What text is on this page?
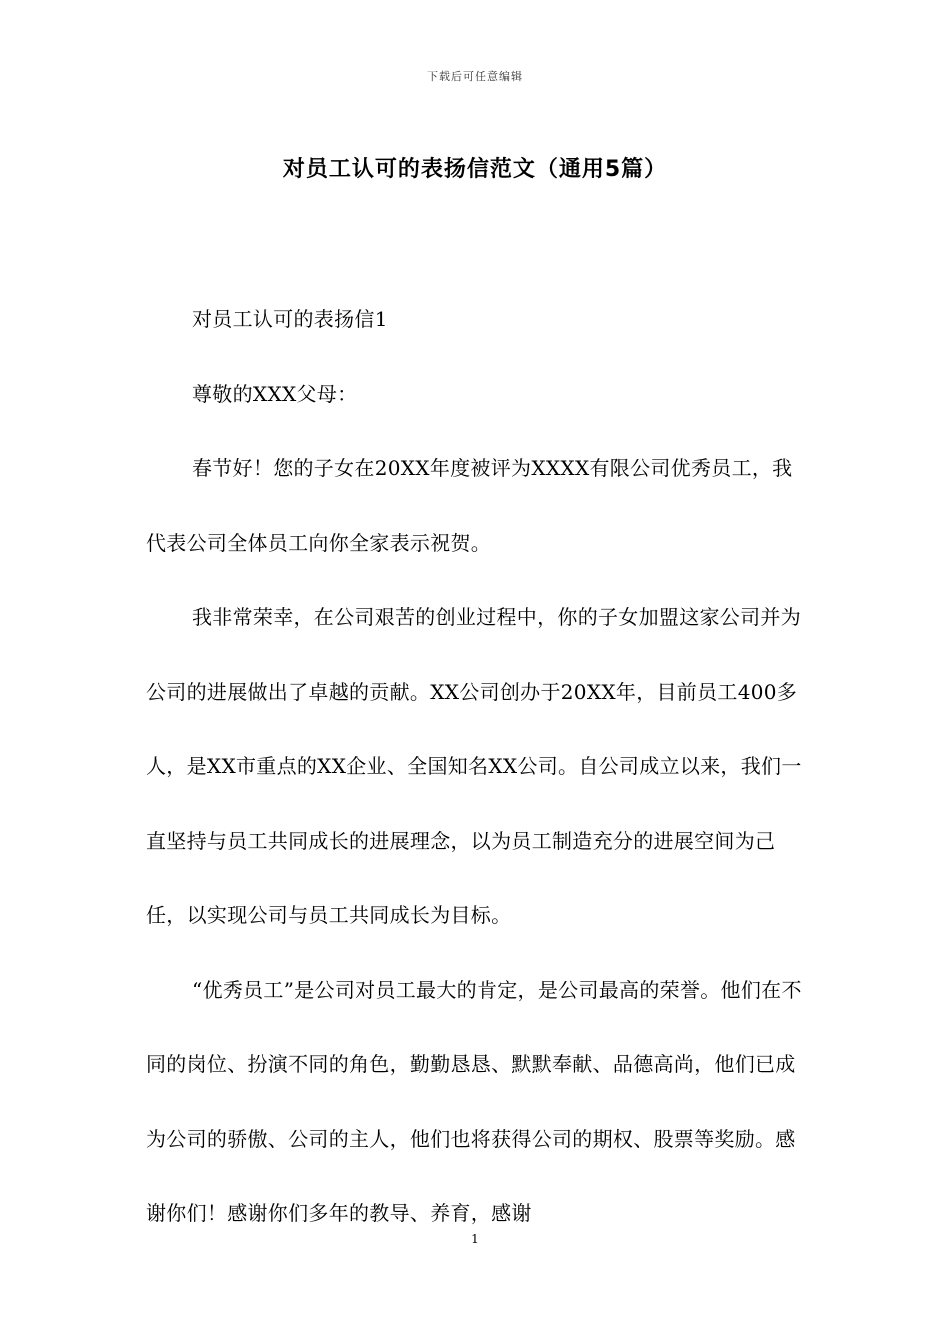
下载后可任意编辑
对员工认可的表扬信范文（通用5篇）

对员工认可的表扬信1

尊敬的XXX父母：

春节好！您的子女在20XX年度被评为XXXX有限公司优秀员工，我代表公司全体员工向你全家表示祝贺。

我非常荣幸，在公司艰苦的创业过程中，你的子女加盟这家公司并为公司的进展做出了卓越的贡献。XX公司创办于20XX年，目前员工400多人，是XX市重点的XX企业、全国知名XX公司。自公司成立以来，我们一直坚持与员工共同成长的进展理念，以为员工制造充分的进展空间为己任，以实现公司与员工共同成长为目标。

“优秀员工”是公司对员工最大的肯定，是公司最高的荣誉。他们在不同的岗位、扮演不同的角色，勤勤恳恳、默默奉献、品德高尚，他们已成为公司的骄傲、公司的主人，他们也将获得公司的期权、股票等奖励。感谢你们！感谢你们多年的教导、养育，感谢

1
